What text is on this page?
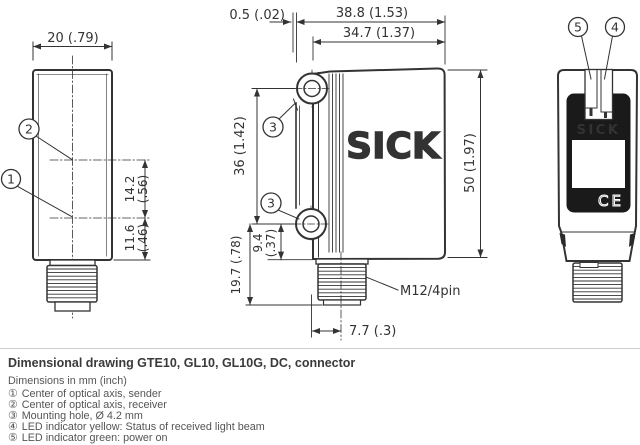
20 (.79)
2
1	14.2 (.56)
11.6 (.46)
0.5 (.02)	38.8 (1.53)
34.7 (1.37)
SICK
3
3
36 (1.42)
9.4 (.37)
19.7 (.78)
7.7 (.3)
M12/4pin
50 (1.97)
SICK
CE
5 4

Dimensional drawing GTE10, GL10, GL10G, DC, connector

Dimensions in mm (inch)

① Center of optical axis, sender
② Center of optical axis, receiver
③ Mounting hole, Ø 4.2 mm
④ LED indicator yellow: Status of received light beam
⑤ LED indicator green: power on
